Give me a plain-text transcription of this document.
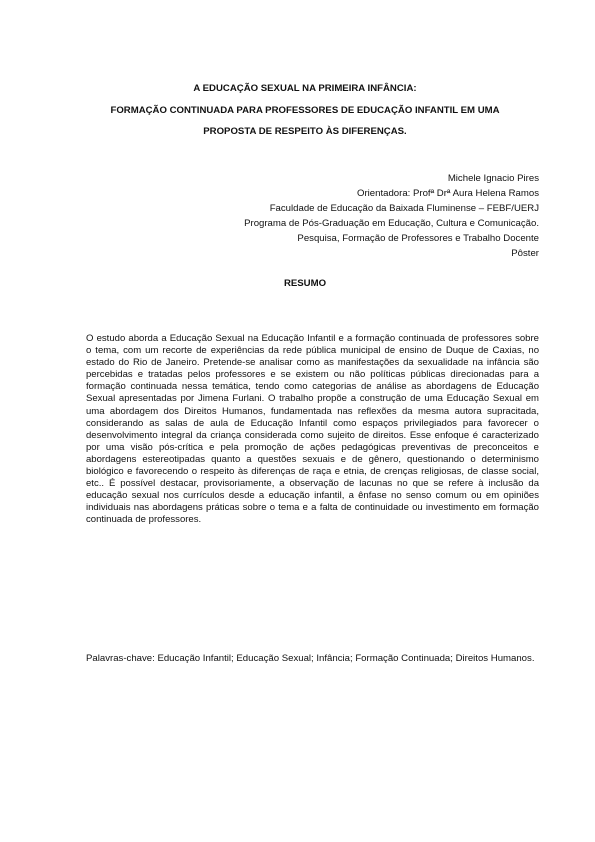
A EDUCAÇÃO SEXUAL NA PRIMEIRA INFÂNCIA:
FORMAÇÃO CONTINUADA PARA PROFESSORES DE EDUCAÇÃO INFANTIL EM UMA
PROPOSTA DE RESPEITO ÀS DIFERENÇAS.
Michele Ignacio Pires
Orientadora: Profª Drª Aura Helena Ramos
Faculdade de Educação da Baixada Fluminense – FEBF/UERJ
Programa de Pós-Graduação em Educação, Cultura e Comunicação.
Pesquisa, Formação de Professores e Trabalho Docente
Pôster
RESUMO
O estudo aborda a Educação Sexual na Educação Infantil e a formação continuada de professores sobre o tema, com um recorte de experiências da rede pública municipal de ensino de Duque de Caxias, no estado do Rio de Janeiro. Pretende-se analisar como as manifestações da sexualidade na infância são percebidas e tratadas pelos professores e se existem ou não políticas públicas direcionadas para a formação continuada nessa temática, tendo como categorias de análise as abordagens de Educação Sexual apresentadas por Jimena Furlani. O trabalho propõe a construção de uma Educação Sexual em uma abordagem dos Direitos Humanos, fundamentada nas reflexões da mesma autora supracitada, considerando as salas de aula de Educação Infantil como espaços privilegiados para favorecer o desenvolvimento integral da criança considerada como sujeito de direitos. Esse enfoque é caracterizado por uma visão pós-crítica e pela promoção de ações pedagógicas preventivas de preconceitos e abordagens estereotipadas quanto a questões sexuais e de gênero, questionando o determinismo biológico e favorecendo o respeito às diferenças de raça e etnia, de crenças religiosas, de classe social, etc.. É possível destacar, provisoriamente, a observação de lacunas no que se refere à inclusão da educação sexual nos currículos desde a educação infantil, a ênfase no senso comum ou em opiniões individuais nas abordagens práticas sobre o tema e a falta de continuidade ou investimento em formação continuada de professores.
Palavras-chave: Educação Infantil; Educação Sexual; Infância; Formação Continuada; Direitos Humanos.
